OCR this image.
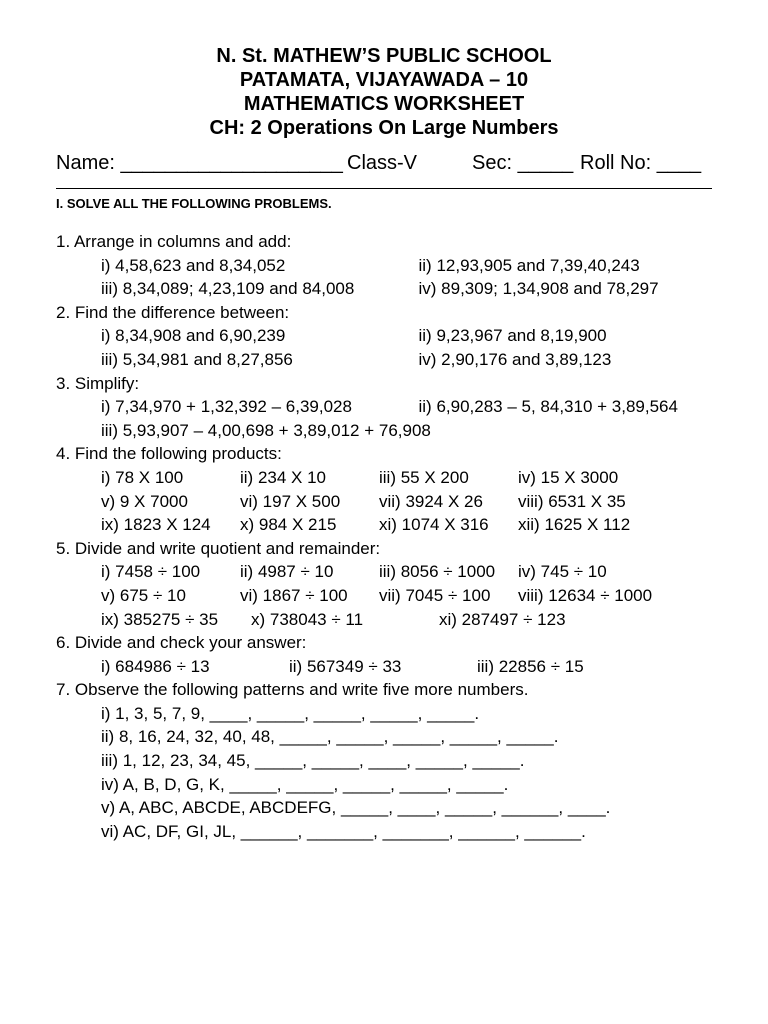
N. St. MATHEW’S PUBLIC SCHOOL
PATAMATA, VIJAYAWADA – 10
MATHEMATICS WORKSHEET
CH: 2 Operations On Large Numbers
Name: ____________________ Class-V	Sec: _____ Roll No: ____
I. SOLVE ALL THE FOLLOWING PROBLEMS.
1. Arrange in columns and add:
i) 4,58,623 and 8,34,052	ii) 12,93,905 and 7,39,40,243
iii) 8,34,089; 4,23,109 and 84,008	iv) 89,309; 1,34,908 and 78,297
2. Find the difference between:
i) 8,34,908 and 6,90,239	ii) 9,23,967 and 8,19,900
iii) 5,34,981 and 8,27,856	iv) 2,90,176 and 3,89,123
3. Simplify:
i) 7,34,970 + 1,32,392 – 6,39,028	ii) 6,90,283 – 5, 84,310 + 3,89,564
iii) 5,93,907 – 4,00,698 + 3,89,012 + 76,908
4. Find the following products:
i) 78 X 100	ii) 234 X 10	iii) 55 X 200	iv) 15 X 3000
v) 9 X 7000	vi) 197 X 500	vii) 3924 X 26	viii) 6531 X 35
ix) 1823 X 124	x) 984 X 215	xi) 1074 X 316	xii) 1625 X 112
5. Divide and write quotient and remainder:
i) 7458 ÷ 100	ii) 4987 ÷ 10	iii) 8056 ÷ 1000	iv) 745 ÷ 10
v) 675 ÷ 10	vi) 1867 ÷ 100	vii) 7045 ÷ 100	viii) 12634 ÷ 1000
ix) 385275 ÷ 35	x) 738043 ÷ 11	xi) 287497 ÷ 123
6. Divide and check your answer:
i) 684986 ÷ 13	ii) 567349 ÷ 33	iii) 22856 ÷ 15
7. Observe the following patterns and write five more numbers.
i) 1, 3, 5, 7, 9, ____, _____, _____, _____, _____.
ii) 8, 16, 24, 32, 40, 48, _____, _____, _____, _____, _____.
iii) 1, 12, 23, 34, 45, _____, _____, ____, _____, _____.
iv) A, B, D, G, K, _____, _____, _____, _____, _____.
v) A, ABC, ABCDE, ABCDEFG, _____, ____, _____, ______, ____.
vi) AC, DF, GI, JL, ______, _______, _______, ______, ______.
